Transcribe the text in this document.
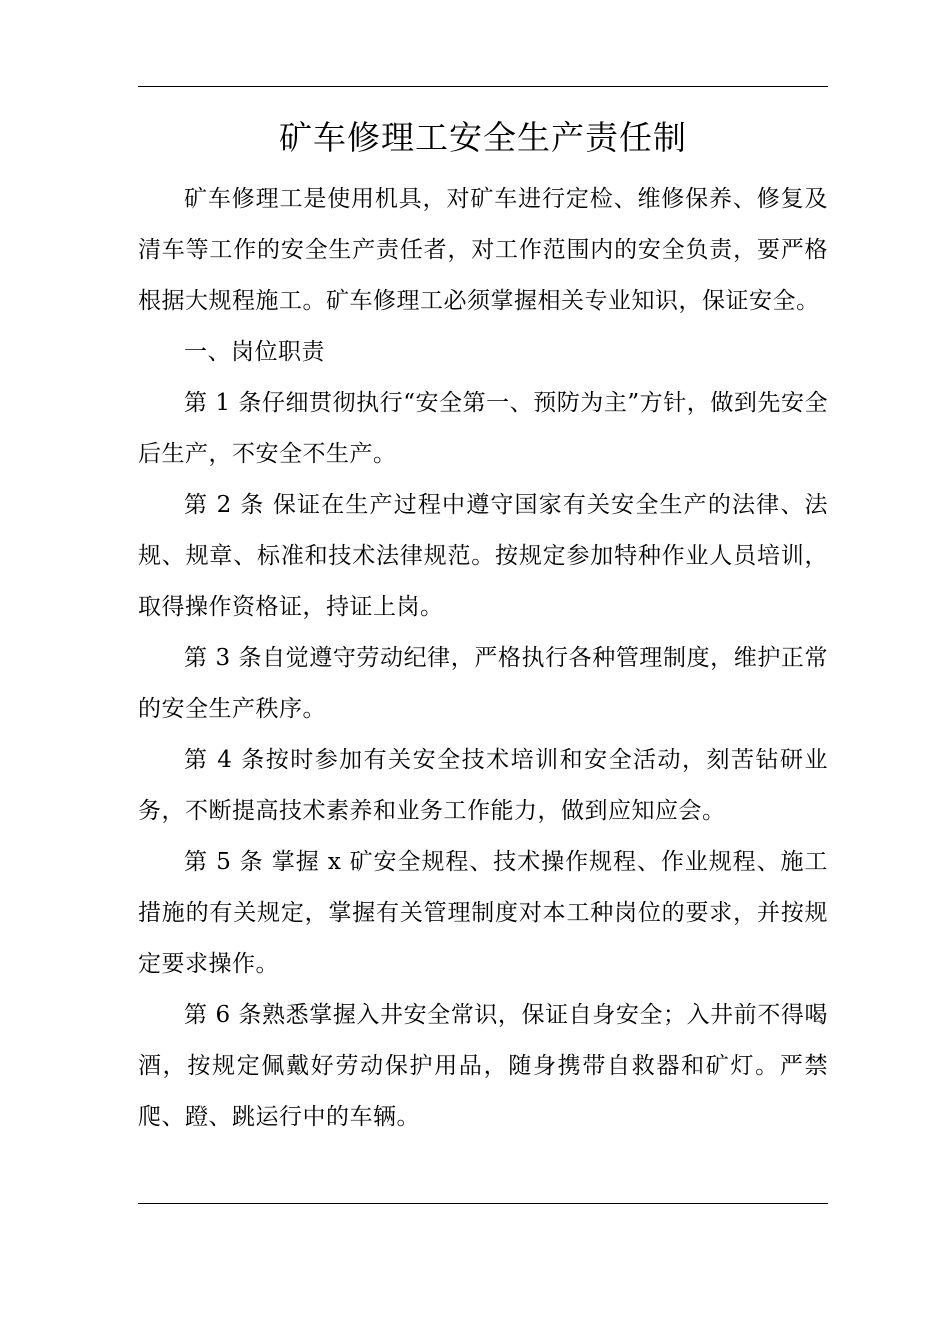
矿车修理工安全生产责任制

矿车修理工是使用机具，对矿车进行定检、维修保养、修复及清车等工作的安全生产责任者，对工作范围内的安全负责，要严格根据大规程施工。矿车修理工必须掌握相关专业知识，保证安全。

一、岗位职责

第 1 条仔细贯彻执行“安全第一、预防为主”方针，做到先安全后生产，不安全不生产。

第 2 条 保证在生产过程中遵守国家有关安全生产的法律、法规、规章、标准和技术法律规范。按规定参加特种作业人员培训，取得操作资格证，持证上岗。

第 3 条自觉遵守劳动纪律，严格执行各种管理制度，维护正常的安全生产秩序。

第 4 条按时参加有关安全技术培训和安全活动，刻苦钻研业务，不断提高技术素养和业务工作能力，做到应知应会。

第 5 条 掌握 x 矿安全规程、技术操作规程、作业规程、施工措施的有关规定，掌握有关管理制度对本工种岗位的要求，并按规定要求操作。

第 6 条熟悉掌握入井安全常识，保证自身安全；入井前不得喝酒，按规定佩戴好劳动保护用品，随身携带自救器和矿灯。严禁爬、蹬、跳运行中的车辆。
